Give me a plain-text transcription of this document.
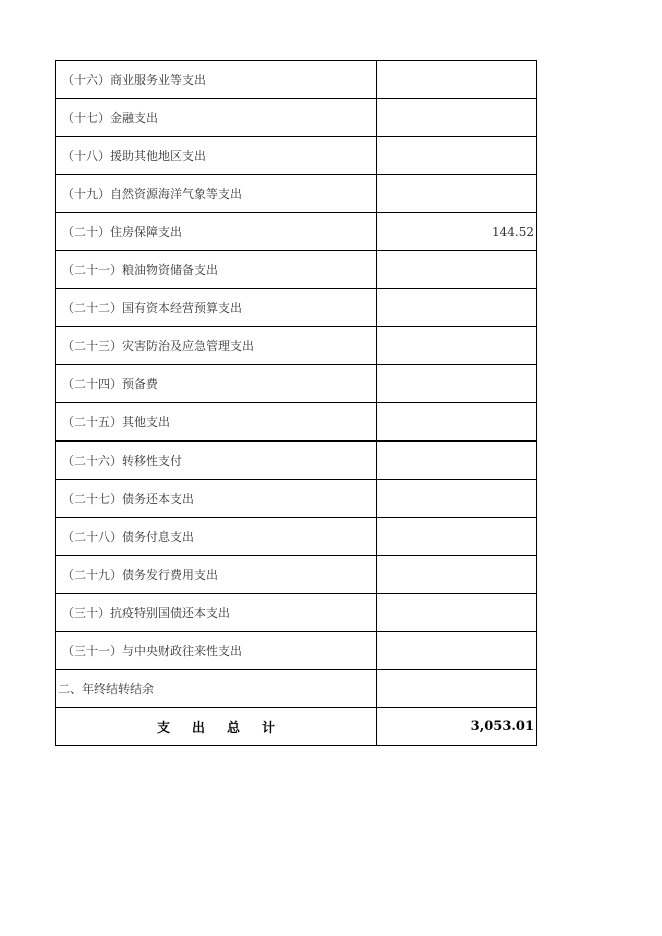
（十六）商业服务业等支出	
（十七）金融支出	
（十八）援助其他地区支出	
（十九）自然资源海洋气象等支出	
（二十）住房保障支出	144.52
（二十一）粮油物资储备支出	
（二十二）国有资本经营预算支出	
（二十三）灾害防治及应急管理支出	
（二十四）预备费	
（二十五）其他支出	
（二十六）转移性支付	
（二十七）债务还本支出	
（二十八）债务付息支出	
（二十九）债务发行费用支出	
（三十）抗疫特别国债还本支出	
（三十一）与中央财政往来性支出	
二、年终结转结余	
支 出 总 计	3,053.01
